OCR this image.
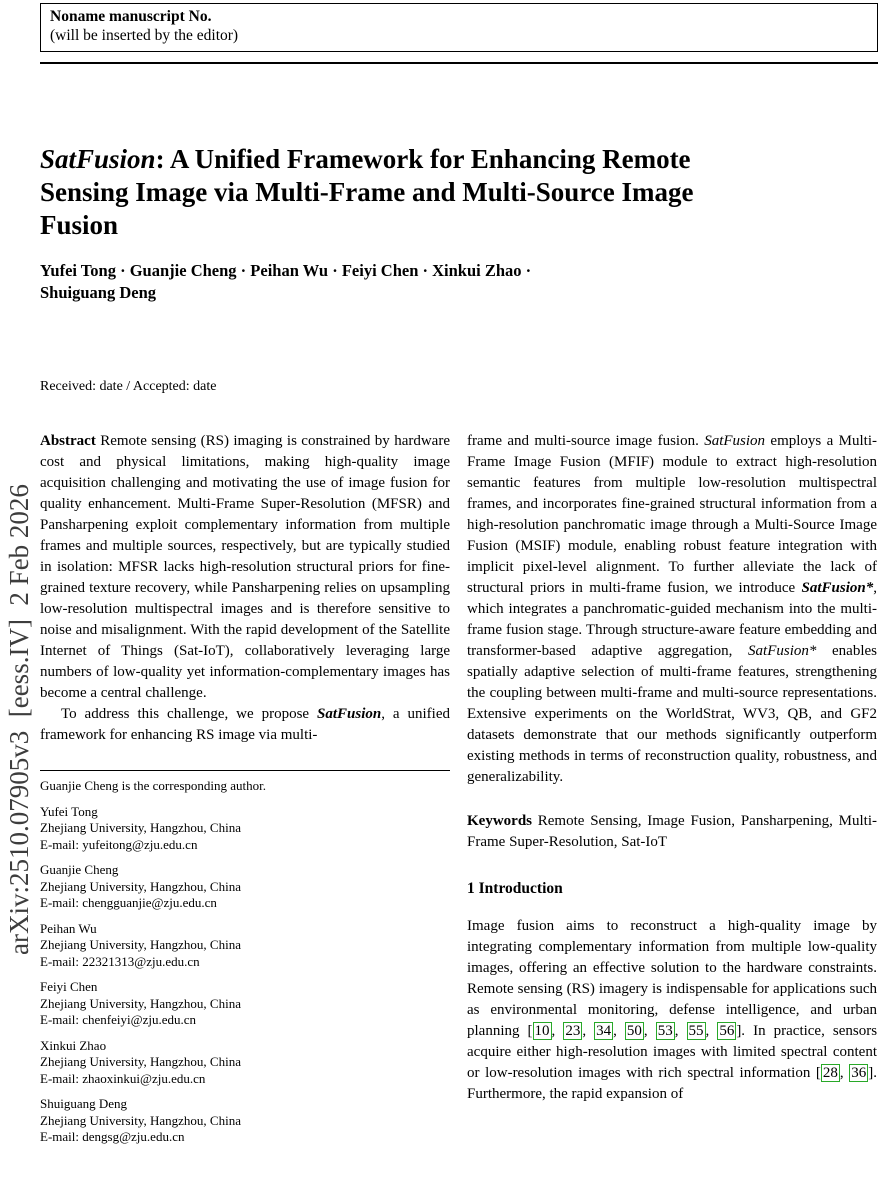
Noname manuscript No.
(will be inserted by the editor)
arXiv:2510.07905v3  [eess.IV]  2 Feb 2026
SatFusion: A Unified Framework for Enhancing Remote
Sensing Image via Multi-Frame and Multi-Source Image
Fusion
Yufei Tong · Guanjie Cheng · Peihan Wu · Feiyi Chen · Xinkui Zhao ·
Shuiguang Deng
Received: date / Accepted: date
Abstract Remote sensing (RS) imaging is constrained by hardware cost and physical limitations, making high-quality image acquisition challenging and motivating the use of image fusion for quality enhancement. Multi-Frame Super-Resolution (MFSR) and Pansharpening exploit complementary information from multiple frames and multiple sources, respectively, but are typically studied in isolation: MFSR lacks high-resolution structural priors for fine-grained texture recovery, while Pansharpening relies on upsampling low-resolution multispectral images and is therefore sensitive to noise and misalignment. With the rapid development of the Satellite Internet of Things (Sat-IoT), collaboratively leveraging large numbers of low-quality yet information-complementary images has become a central challenge.
To address this challenge, we propose SatFusion, a unified framework for enhancing RS image via multi-
Guanjie Cheng is the corresponding author.
Yufei Tong
Zhejiang University, Hangzhou, China
E-mail: yufeitong@zju.edu.cn
Guanjie Cheng
Zhejiang University, Hangzhou, China
E-mail: chengguanjie@zju.edu.cn
Peihan Wu
Zhejiang University, Hangzhou, China
E-mail: 22321313@zju.edu.cn
Feiyi Chen
Zhejiang University, Hangzhou, China
E-mail: chenfeiyi@zju.edu.cn
Xinkui Zhao
Zhejiang University, Hangzhou, China
E-mail: zhaoxinkui@zju.edu.cn
Shuiguang Deng
Zhejiang University, Hangzhou, China
E-mail: dengsg@zju.edu.cn
frame and multi-source image fusion. SatFusion employs a Multi-Frame Image Fusion (MFIF) module to extract high-resolution semantic features from multiple low-resolution multispectral frames, and incorporates fine-grained structural information from a high-resolution panchromatic image through a Multi-Source Image Fusion (MSIF) module, enabling robust feature integration with implicit pixel-level alignment. To further alleviate the lack of structural priors in multi-frame fusion, we introduce SatFusion*, which integrates a panchromatic-guided mechanism into the multi-frame fusion stage. Through structure-aware feature embedding and transformer-based adaptive aggregation, SatFusion* enables spatially adaptive selection of multi-frame features, strengthening the coupling between multi-frame and multi-source representations. Extensive experiments on the WorldStrat, WV3, QB, and GF2 datasets demonstrate that our methods significantly outperform existing methods in terms of reconstruction quality, robustness, and generalizability.
Keywords Remote Sensing, Image Fusion, Pansharpening, Multi-Frame Super-Resolution, Sat-IoT
1 Introduction
Image fusion aims to reconstruct a high-quality image by integrating complementary information from multiple low-quality images, offering an effective solution to the hardware constraints. Remote sensing (RS) imagery is indispensable for applications such as environmental monitoring, defense intelligence, and urban planning [ 10 , 23 , 34 , 50 , 53 , 55 , 56 ]. In practice, sensors acquire either high-resolution images with limited spectral content or low-resolution images with rich spectral information [ 28 , 36 ]. Furthermore, the rapid expansion of
